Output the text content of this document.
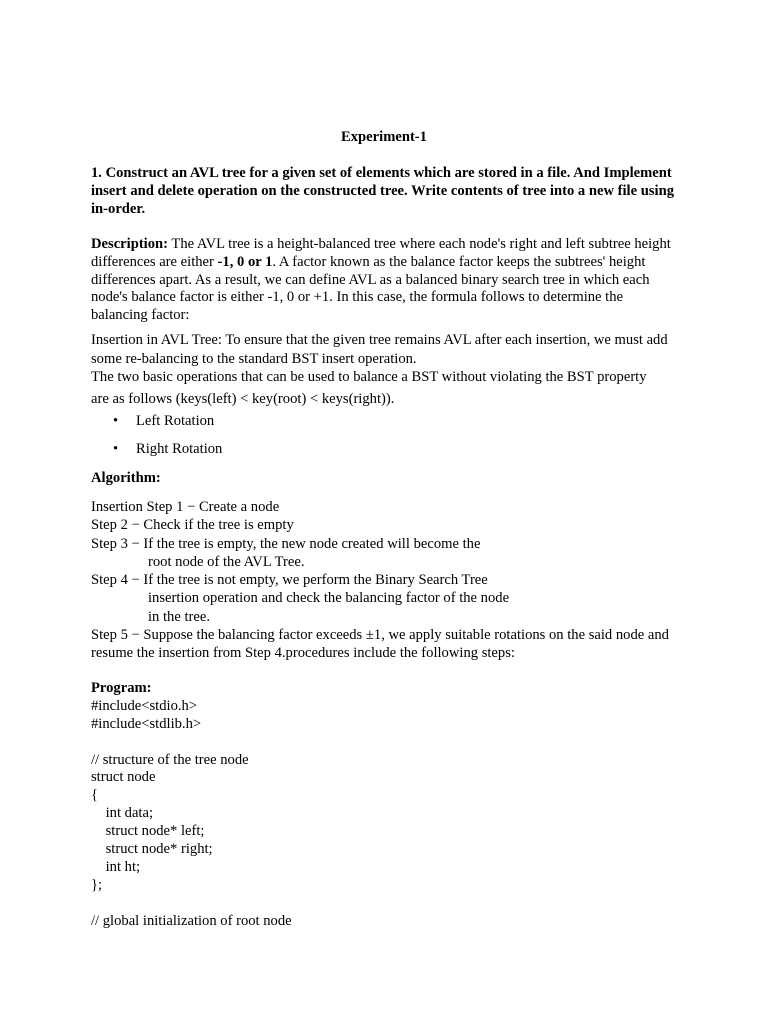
Experiment-1
1. Construct an AVL tree for a given set of elements which are stored in a file. And Implement insert and delete operation on the constructed tree. Write contents of tree into a new file using in-order.
Description: The AVL tree is a height-balanced tree where each node's right and left subtree height differences are either -1, 0 or 1. A factor known as the balance factor keeps the subtrees' height differences apart. As a result, we can define AVL as a balanced binary search tree in which each node's balance factor is either -1, 0 or +1. In this case, the formula follows to determine the balancing factor:
Insertion in AVL Tree: To ensure that the given tree remains AVL after each insertion, we must add some re-balancing to the standard BST insert operation.
The two basic operations that can be used to balance a BST without violating the BST property
are as follows (keys(left) < key(root) < keys(right)).
• Left Rotation
• Right Rotation
Algorithm:
Insertion Step 1 − Create a node
Step 2 − Check if the tree is empty
Step 3 − If the tree is empty, the new node created will become the
root node of the AVL Tree.
Step 4 − If the tree is not empty, we perform the Binary Search Tree
insertion operation and check the balancing factor of the node
in the tree.
Step 5 − Suppose the balancing factor exceeds ±1, we apply suitable rotations on the said node and resume the insertion from Step 4.procedures include the following steps:
Program:
#include<stdio.h>
#include<stdlib.h>
// structure of the tree node
struct node
{
int data;
struct node* left;
struct node* right;
int ht;
};
// global initialization of root node
